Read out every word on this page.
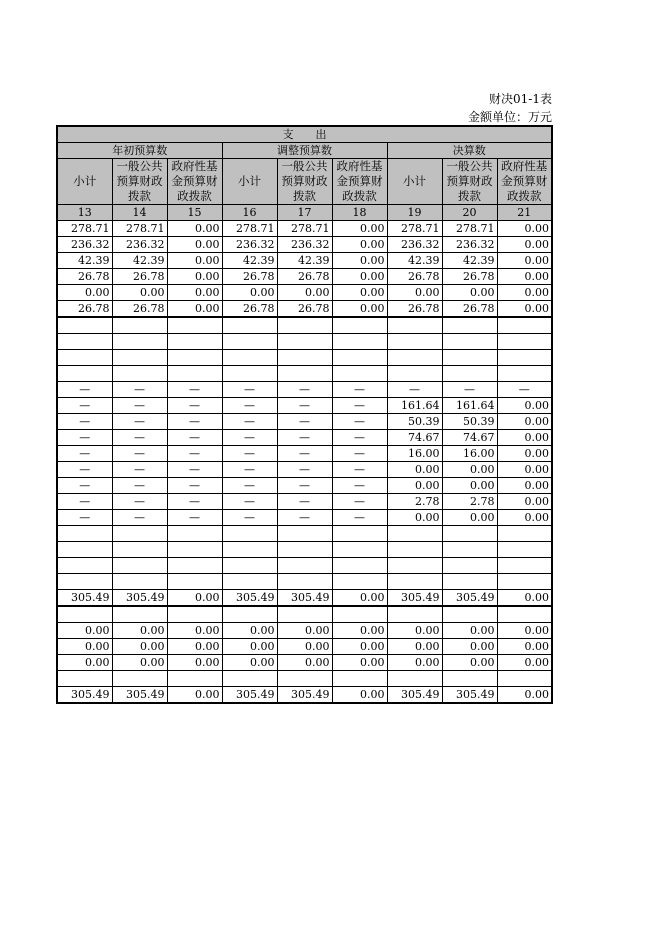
财决01-1表
金额单位：万元
支　　出								
年初预算数			调整预算数			决算数		
小计	一般公共预算财政拨款	政府性基金预算财政拨款	小计	一般公共预算财政拨款	政府性基金预算财政拨款	小计	一般公共预算财政拨款	政府性基金预算财政拨款
13	14	15	16	17	18	19	20	21
278.71	278.71	0.00	278.71	278.71	0.00	278.71	278.71	0.00
236.32	236.32	0.00	236.32	236.32	0.00	236.32	236.32	0.00
42.39	42.39	0.00	42.39	42.39	0.00	42.39	42.39	0.00
26.78	26.78	0.00	26.78	26.78	0.00	26.78	26.78	0.00
0.00	0.00	0.00	0.00	0.00	0.00	0.00	0.00	0.00
26.78	26.78	0.00	26.78	26.78	0.00	26.78	26.78	0.00

—	—	—	—	—	—	—	—	—
—	—	—	—	—	—	161.64	161.64	0.00
—	—	—	—	—	—	50.39	50.39	0.00
—	—	—	—	—	—	74.67	74.67	0.00
—	—	—	—	—	—	16.00	16.00	0.00
—	—	—	—	—	—	0.00	0.00	0.00
—	—	—	—	—	—	0.00	0.00	0.00
—	—	—	—	—	—	2.78	2.78	0.00
—	—	—	—	—	—	0.00	0.00	0.00

305.49	305.49	0.00	305.49	305.49	0.00	305.49	305.49	0.00

0.00	0.00	0.00	0.00	0.00	0.00	0.00	0.00	0.00
0.00	0.00	0.00	0.00	0.00	0.00	0.00	0.00	0.00
0.00	0.00	0.00	0.00	0.00	0.00	0.00	0.00	0.00

305.49	305.49	0.00	305.49	305.49	0.00	305.49	305.49	0.00
